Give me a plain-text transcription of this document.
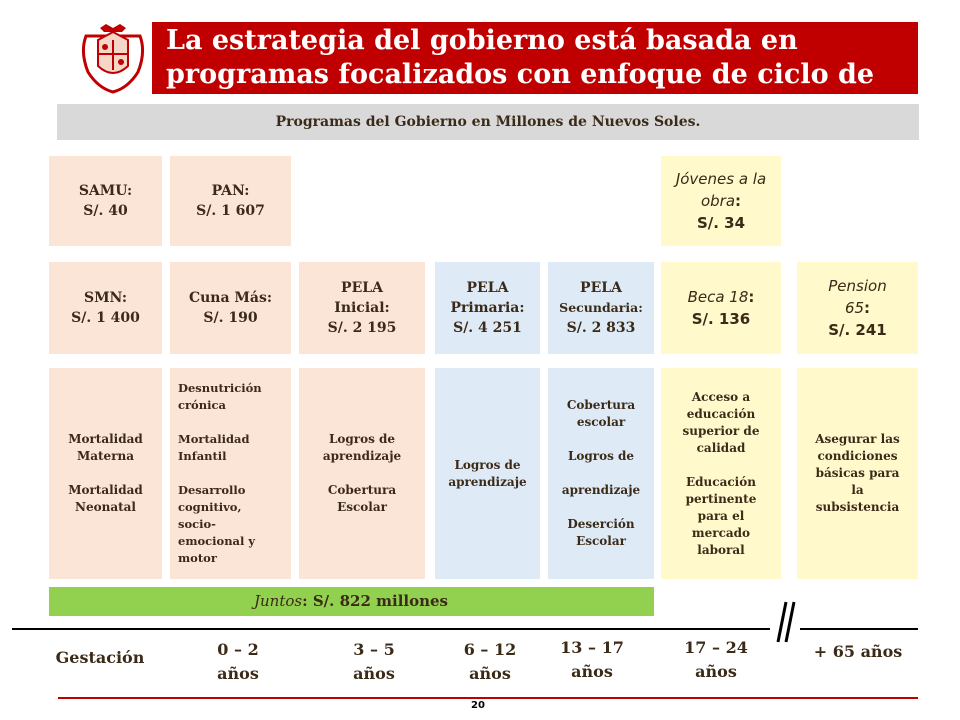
La estrategia del gobierno está basada en
programas focalizados con enfoque de ciclo de
Programas del Gobierno en Millones de Nuevos Soles.
SAMU:
S/. 40
PAN:
S/. 1 607
Jóvenes a la obra:
S/. 34
SMN:
S/. 1 400
Cuna Más:
S/. 190
PELA
Inicial:
S/. 2 195
PELA
Primaria:
S/. 4 251
PELA
Secundaria:
S/. 2 833
Beca 18:
S/. 136
Pension
65:
S/. 241
Mortalidad
Materna

Mortalidad
Neonatal
Desnutrición
crónica

Mortalidad
Infantil

Desarrollo
cognitivo,
socio-
emocional y
motor
Logros de
aprendizaje

Cobertura
Escolar
Logros de
aprendizaje
Cobertura
escolar

Logros de

aprendizaje

Deserción
Escolar
Acceso a
educación
superior de
calidad

Educación
pertinente
para el
mercado
laboral
Asegurar las
condiciones
básicas para
la
subsistencia
Juntos: S/. 822 millones
Gestación	0 – 2
años
3 – 5
años
6 – 12
años
13 – 17
años
17 – 24
años
+ 65 años
20
